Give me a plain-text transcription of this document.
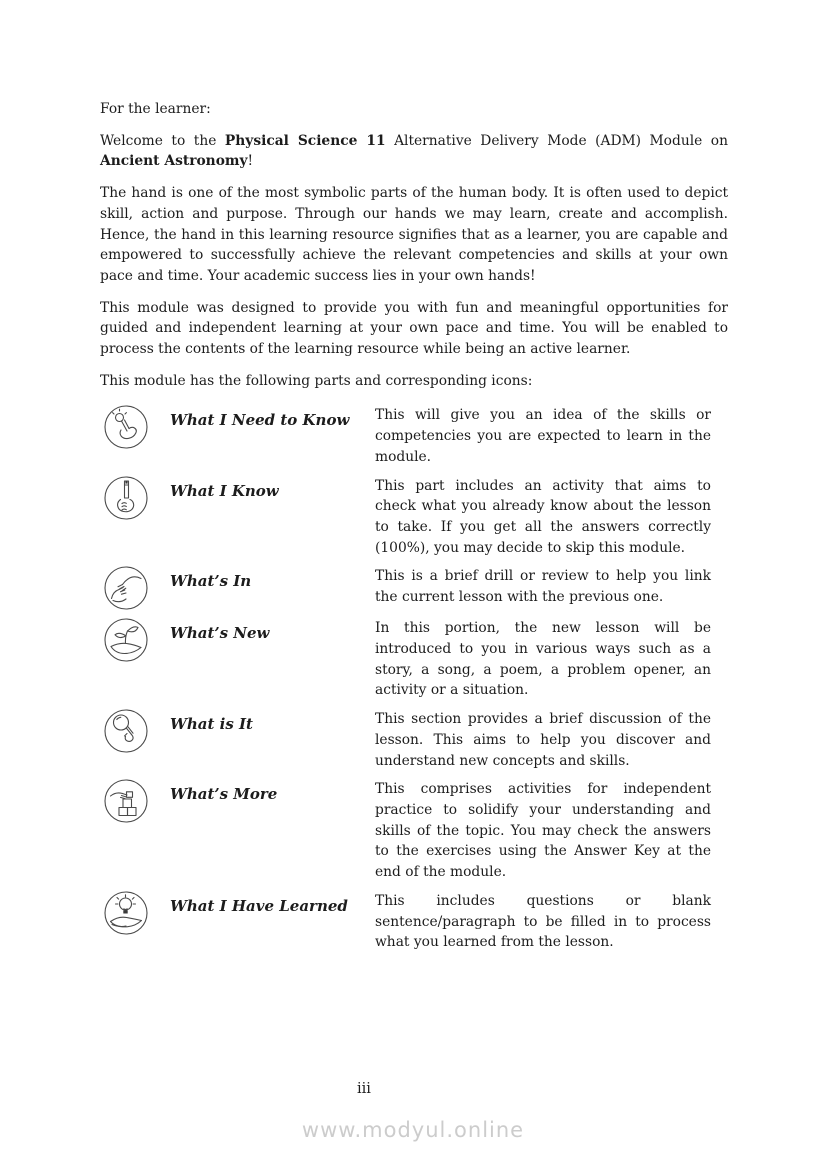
For the learner:

Welcome to the Physical Science 11 Alternative Delivery Mode (ADM) Module on Ancient Astronomy!

The hand is one of the most symbolic parts of the human body. It is often used to depict skill, action and purpose. Through our hands we may learn, create and accomplish. Hence, the hand in this learning resource signifies that as a learner, you are capable and empowered to successfully achieve the relevant competencies and skills at your own pace and time. Your academic success lies in your own hands!

This module was designed to provide you with fun and meaningful opportunities for guided and independent learning at your own pace and time. You will be enabled to process the contents of the learning resource while being an active learner.

This module has the following parts and corresponding icons:

What I Need to Know	This will give you an idea of the skills or competencies you are expected to learn in the module.
What I Know	This part includes an activity that aims to check what you already know about the lesson to take. If you get all the answers correctly (100%), you may decide to skip this module.
What’s In	This is a brief drill or review to help you link the current lesson with the previous one.
What’s New	In this portion, the new lesson will be introduced to you in various ways such as a story, a song, a poem, a problem opener, an activity or a situation.
What is It	This section provides a brief discussion of the lesson. This aims to help you discover and understand new concepts and skills.
What’s More	This comprises activities for independent practice to solidify your understanding and skills of the topic. You may check the answers to the exercises using the Answer Key at the end of the module.
What I Have Learned	This includes questions or blank sentence/paragraph to be filled in to process what you learned from the lesson.
iii
www.modyul.online
